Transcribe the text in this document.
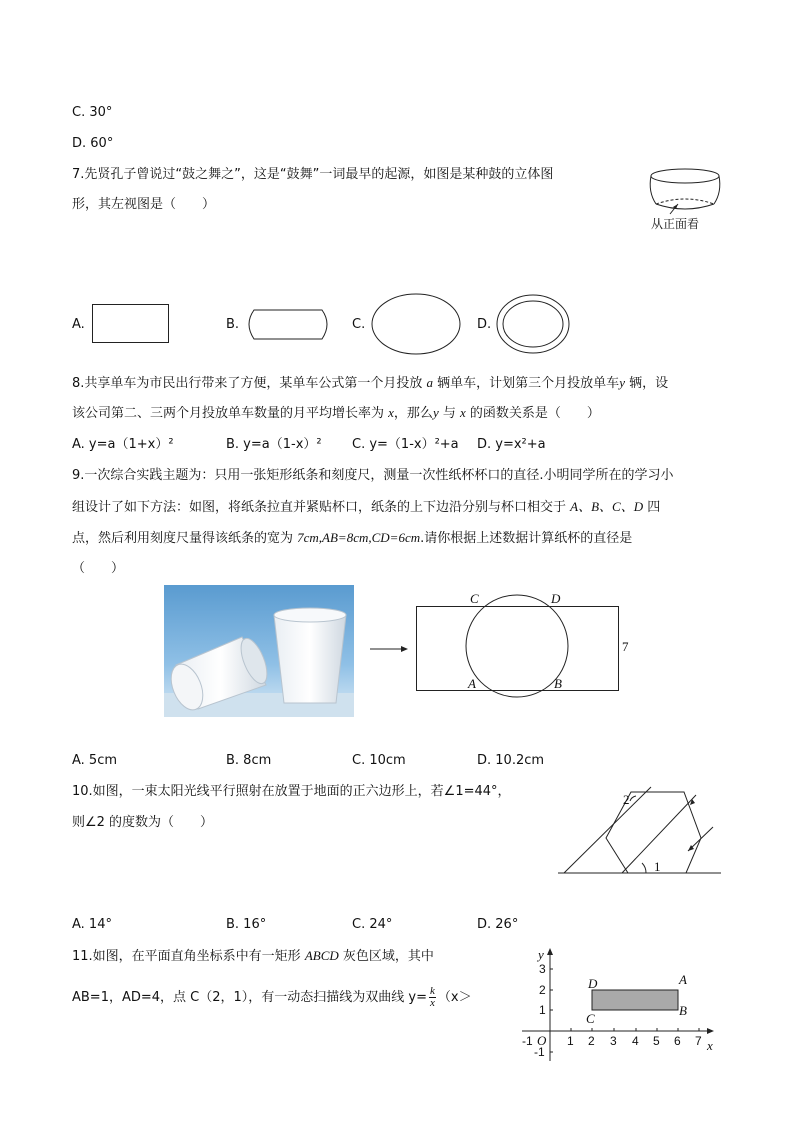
C. 30°
D. 60°
7.先贤孔子曾说过“鼓之舞之”，这是“鼓舞”一词最早的起源，如图是某种鼓的立体图
形，其左视图是（　　）
从正面看
A.	B.	C.	D.
8.共享单车为市民出行带来了方便，某单车公式第一个月投放 a 辆单车，计划第三个月投放单车y 辆，设
该公司第二、三两个月投放单车数量的月平均增长率为 x，那么y 与 x 的函数关系是（　　）
A. y=a（1+x）²	B. y=a（1-x）² C. y=（1-x）²+a D. y=x²+a
9.一次综合实践主题为：只用一张矩形纸条和刻度尺，测量一次性纸杯杯口的直径.小明同学所在的学习小
组设计了如下方法：如图，将纸条拉直并紧贴杯口，纸条的上下边沿分别与杯口相交于 A、B、C、D 四
点，然后利用刻度尺量得该纸条的宽为 7cm,AB=8cm,CD=6cm.请你根据上述数据计算纸杯的直径是
（　　）
C	D
A	B
7
A. 5cm	B. 8cm	C. 10cm	D. 10.2cm
10.如图，一束太阳光线平行照射在放置于地面的正六边形上，若∠1=44°，
则∠2 的度数为（　　）
1
2
A. 14°	B. 16°	C. 24°	D. 26°
11.如图，在平面直角坐标系中有一矩形 ABCD 灰色区域，其中
AB=1，AD=4，点 C（2，1），有一动态扫描线为双曲线 $y= \frac{k}{x} (x>$
-1 O 1 2 3 4 5 6 7 x
y
3
2
1
-1
D
C
A
B
